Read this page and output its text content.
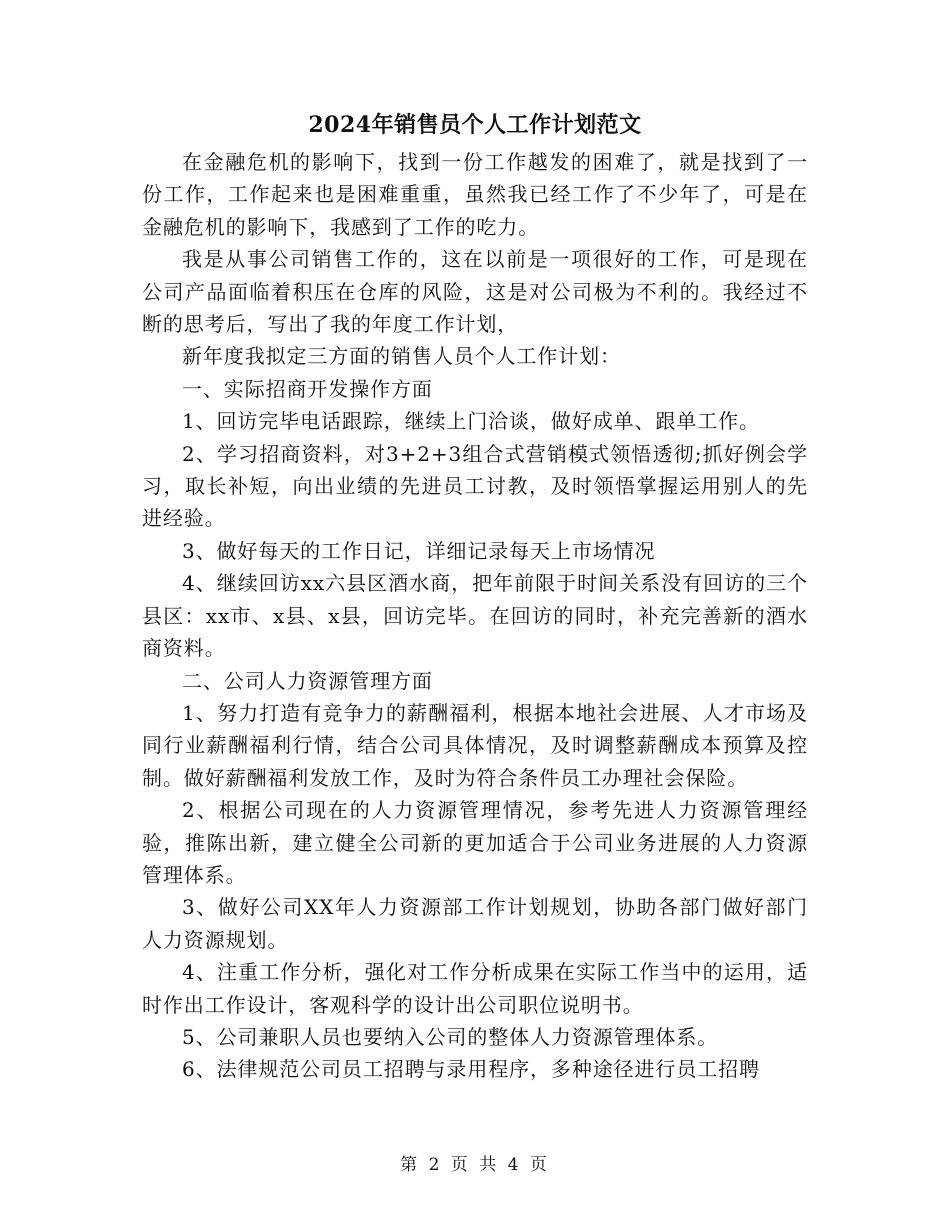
2024年销售员个人工作计划范文

在金融危机的影响下，找到一份工作越发的困难了，就是找到了一份工作，工作起来也是困难重重，虽然我已经工作了不少年了，可是在金融危机的影响下，我感到了工作的吃力。

我是从事公司销售工作的，这在以前是一项很好的工作，可是现在公司产品面临着积压在仓库的风险，这是对公司极为不利的。我经过不断的思考后，写出了我的年度工作计划，

新年度我拟定三方面的销售人员个人工作计划：

一、实际招商开发操作方面

1、回访完毕电话跟踪，继续上门洽谈，做好成单、跟单工作。

2、学习招商资料，对3+2+3组合式营销模式领悟透彻;抓好例会学习，取长补短，向出业绩的先进员工讨教，及时领悟掌握运用别人的先进经验。

3、做好每天的工作日记，详细记录每天上市场情况

4、继续回访xx六县区酒水商，把年前限于时间关系没有回访的三个县区：xx市、x县、x县，回访完毕。在回访的同时，补充完善新的酒水商资料。

二、公司人力资源管理方面

1、努力打造有竞争力的薪酬福利，根据本地社会进展、人才市场及同行业薪酬福利行情，结合公司具体情况，及时调整薪酬成本预算及控制。做好薪酬福利发放工作，及时为符合条件员工办理社会保险。

2、根据公司现在的人力资源管理情况，参考先进人力资源管理经验，推陈出新，建立健全公司新的更加适合于公司业务进展的人力资源管理体系。

3、做好公司XX年人力资源部工作计划规划，协助各部门做好部门人力资源规划。

4、注重工作分析，强化对工作分析成果在实际工作当中的运用，适时作出工作设计，客观科学的设计出公司职位说明书。

5、公司兼职人员也要纳入公司的整体人力资源管理体系。

6、法律规范公司员工招聘与录用程序，多种途径进行员工招聘

第 2 页 共 4 页
